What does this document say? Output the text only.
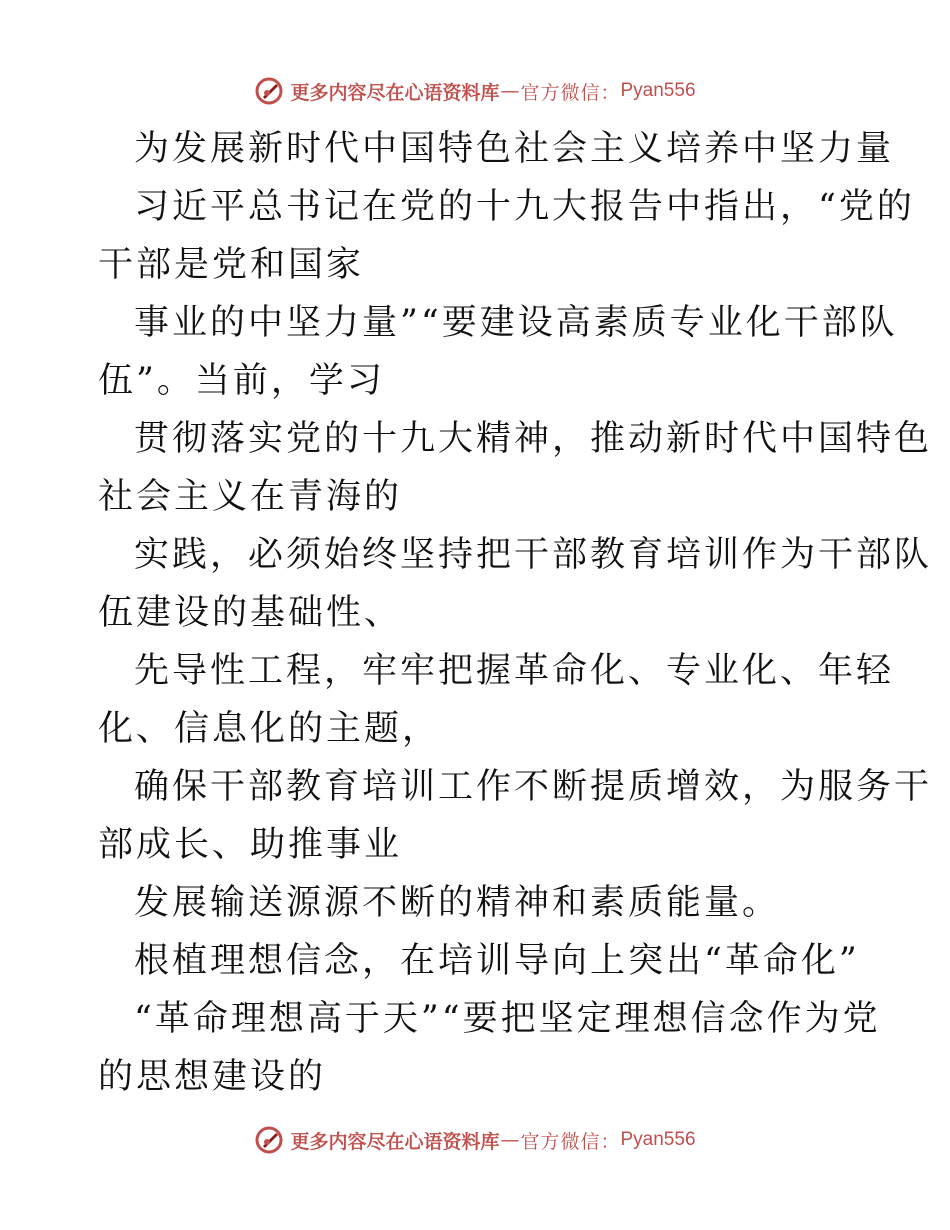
更多内容尽在心语资料库 — 官方微信： Pyan556
为发展新时代中国特色社会主义培养中坚力量
习近平总书记在党的十九大报告中指出，“党的
干部是党和国家
事业的中坚力量”“要建设高素质专业化干部队
伍”。当前，学习
贯彻落实党的十九大精神，推动新时代中国特色
社会主义在青海的
实践，必须始终坚持把干部教育培训作为干部队
伍建设的基础性、
先导性工程，牢牢把握革命化、专业化、年轻
化、信息化的主题，
确保干部教育培训工作不断提质增效，为服务干
部成长、助推事业
发展输送源源不断的精神和素质能量。
根植理想信念，在培训导向上突出“革命化”
“革命理想高于天”“要把坚定理想信念作为党
的思想建设的
更多内容尽在心语资料库 — 官方微信： Pyan556
